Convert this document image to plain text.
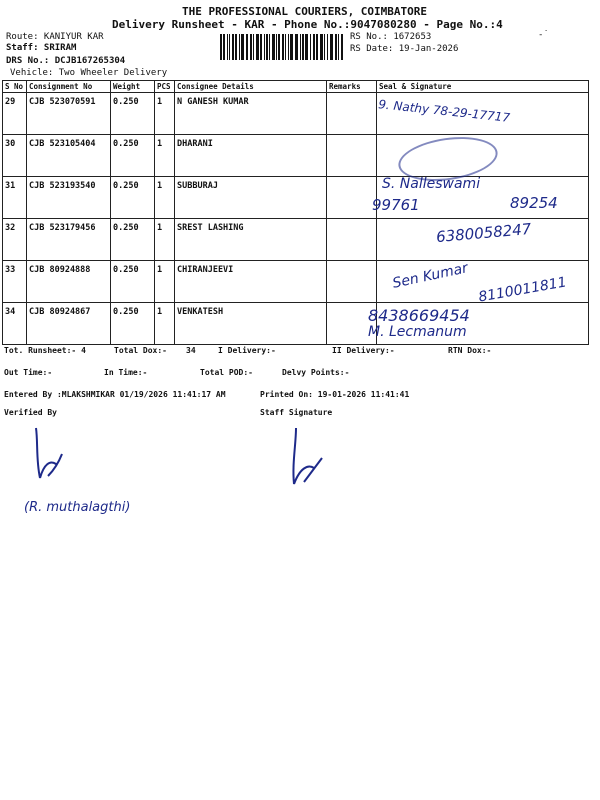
THE PROFESSIONAL COURIERS, COIMBATORE
Delivery Runsheet - KAR - Phone No.:9047080280 - Page No.:4
Route: KANIYUR KAR
Staff: SRIRAM
DRS No.: DCJB167265304
Vehicle: Two Wheeler Delivery
RS No.: 1672653
RS Date: 19-Jan-2026
-˙
S No	Consignment No	Weight	PCS	Consignee Details	Remarks	Seal & Signature
29	CJB 523070591	0.250	1	N GANESH KUMAR		
30	CJB 523105404	0.250	1	DHARANI		
31	CJB 523193540	0.250	1	SUBBURAJ		
32	CJB 523179456	0.250	1	SREST LASHING		
33	CJB 80924888	0.250	1	CHIRANJEEVI		
34	CJB 80924867	0.250	1	VENKATESH		
9. Nathy 78-29-17717
S. Nalleswami
99761	89254
6380058247
Sen Kumar 8110011811
8438669454
M. Lecmanum
Tot. Runsheet:- 4	Total Dox:- 34	I Delivery:-	II Delivery:-	RTN Dox:-
Out Time:-	In Time:-	Total POD:-	Delvy Points:-
Entered By :MLAKSHMIKAR 01/19/2026 11:41:17 AM	Printed On: 19-01-2026 11:41:41
Verified By	Staff Signature
(R. muthalagthi)
